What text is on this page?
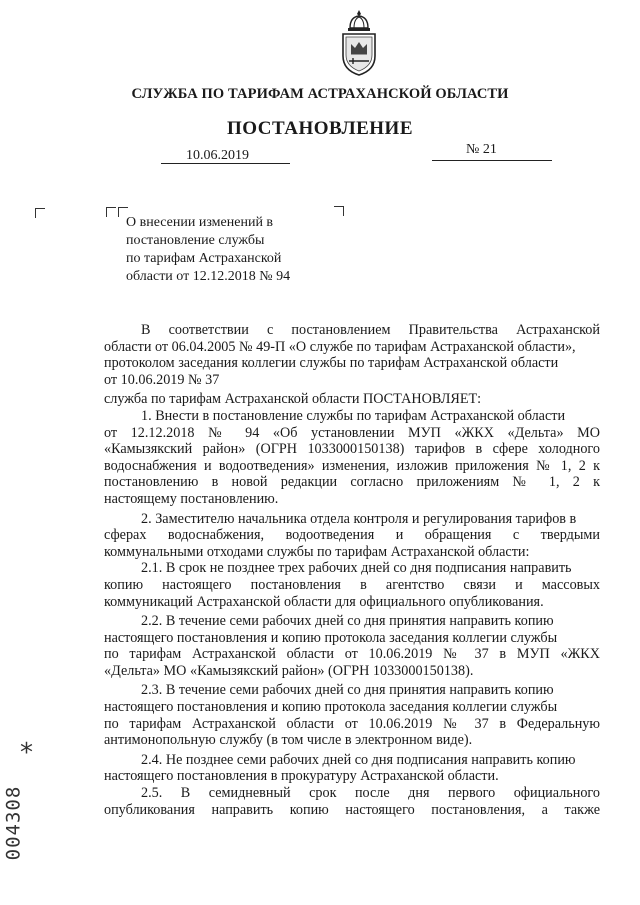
СЛУЖБА ПО ТАРИФАМ АСТРАХАНСКОЙ ОБЛАСТИ
ПОСТАНОВЛЕНИЕ
10.06.2019	№ 21
О внесении изменений в
постановление службы
по тарифам Астраханской
области от 12.12.2018 № 94
В соответствии с постановлением Правительства Астраханской
области от 06.04.2005 № 49-П «О службе по тарифам Астраханской области»,
протоколом заседания коллегии службы по тарифам Астраханской области
от 10.06.2019 № 37
служба по тарифам Астраханской области ПОСТАНОВЛЯЕТ:
1. Внести в постановление службы по тарифам Астраханской области
от 12.12.2018 № 94 «Об установлении МУП «ЖКХ «Дельта» МО
«Камызякский район» (ОГРН 1033000150138) тарифов в сфере холодного
водоснабжения и водоотведения» изменения, изложив приложения № 1, 2 к
постановлению в новой редакции согласно приложениям № 1, 2 к
настоящему постановлению.
2. Заместителю начальника отдела контроля и регулирования тарифов в
сферах водоснабжения, водоотведения и обращения с твердыми
коммунальными отходами службы по тарифам Астраханской области:
2.1. В срок не позднее трех рабочих дней со дня подписания направить
копию настоящего постановления в агентство связи и массовых
коммуникаций Астраханской области для официального опубликования.
2.2. В течение семи рабочих дней со дня принятия направить копию
настоящего постановления и копию протокола заседания коллегии службы
по тарифам Астраханской области от 10.06.2019 № 37 в МУП «ЖКХ
«Дельта» МО «Камызякский район» (ОГРН 1033000150138).
2.3. В течение семи рабочих дней со дня принятия направить копию
настоящего постановления и копию протокола заседания коллегии службы
по тарифам Астраханской области от 10.06.2019 № 37 в Федеральную
антимонопольную службу (в том числе в электронном виде).
2.4. Не позднее семи рабочих дней со дня подписания направить копию
настоящего постановления в прокуратуру Астраханской области.
2.5. В семидневный срок после дня первого официального
опубликования направить копию настоящего постановления, а также
*
004308
